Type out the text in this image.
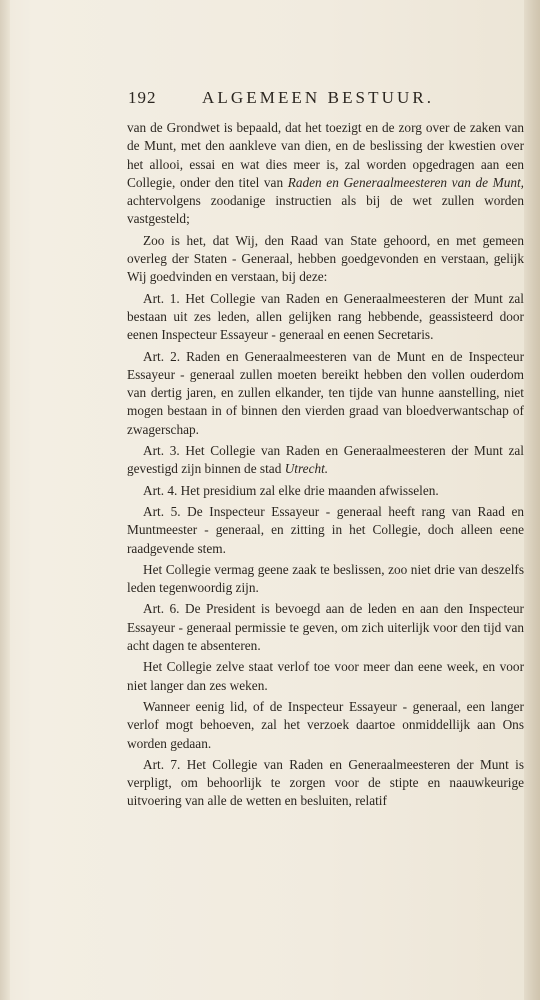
192	ALGEMEEN BESTUUR.

van de Grondwet is bepaald, dat het toezigt en de zorg over de zaken van de Munt, met den aankleve van dien, en de beslissing der kwestien over het allooi, essai en wat dies meer is, zal worden opgedragen aan een Collegie, onder den titel van Raden en Generaalmeesteren van de Munt, achtervolgens zoodanige instructien als bij de wet zullen worden vastgesteld;

Zoo is het, dat Wij, den Raad van State gehoord, en met gemeen overleg der Staten - Generaal, hebben goedgevonden en verstaan, gelijk Wij goedvinden en verstaan, bij deze:

Art. 1. Het Collegie van Raden en Generaalmeesteren der Munt zal bestaan uit zes leden, allen gelijken rang hebbende, geassisteerd door eenen Inspecteur Essayeur - generaal en eenen Secretaris.

Art. 2. Raden en Generaalmeesteren van de Munt en de Inspecteur Essayeur - generaal zullen moeten bereikt hebben den vollen ouderdom van dertig jaren, en zullen elkander, ten tijde van hunne aanstelling, niet mogen bestaan in of binnen den vierden graad van bloedverwantschap of zwagerschap.

Art. 3. Het Collegie van Raden en Generaalmeesteren der Munt zal gevestigd zijn binnen de stad Utrecht.

Art. 4. Het presidium zal elke drie maanden afwisselen.

Art. 5. De Inspecteur Essayeur - generaal heeft rang van Raad en Muntmeester - generaal, en zitting in het Collegie, doch alleen eene raadgevende stem.

Het Collegie vermag geene zaak te beslissen, zoo niet drie van deszelfs leden tegenwoordig zijn.

Art. 6. De President is bevoegd aan de leden en aan den Inspecteur Essayeur - generaal permissie te geven, om zich uiterlijk voor den tijd van acht dagen te absenteren.

Het Collegie zelve staat verlof toe voor meer dan eene week, en voor niet langer dan zes weken.

Wanneer eenig lid, of de Inspecteur Essayeur - generaal, een langer verlof mogt behoeven, zal het verzoek daartoe onmiddellijk aan Ons worden gedaan.

Art. 7. Het Collegie van Raden en Generaalmeesteren der Munt is verpligt, om behoorlijk te zorgen voor de stipte en naauwkeurige uitvoering van alle de wetten en besluiten, relatif
